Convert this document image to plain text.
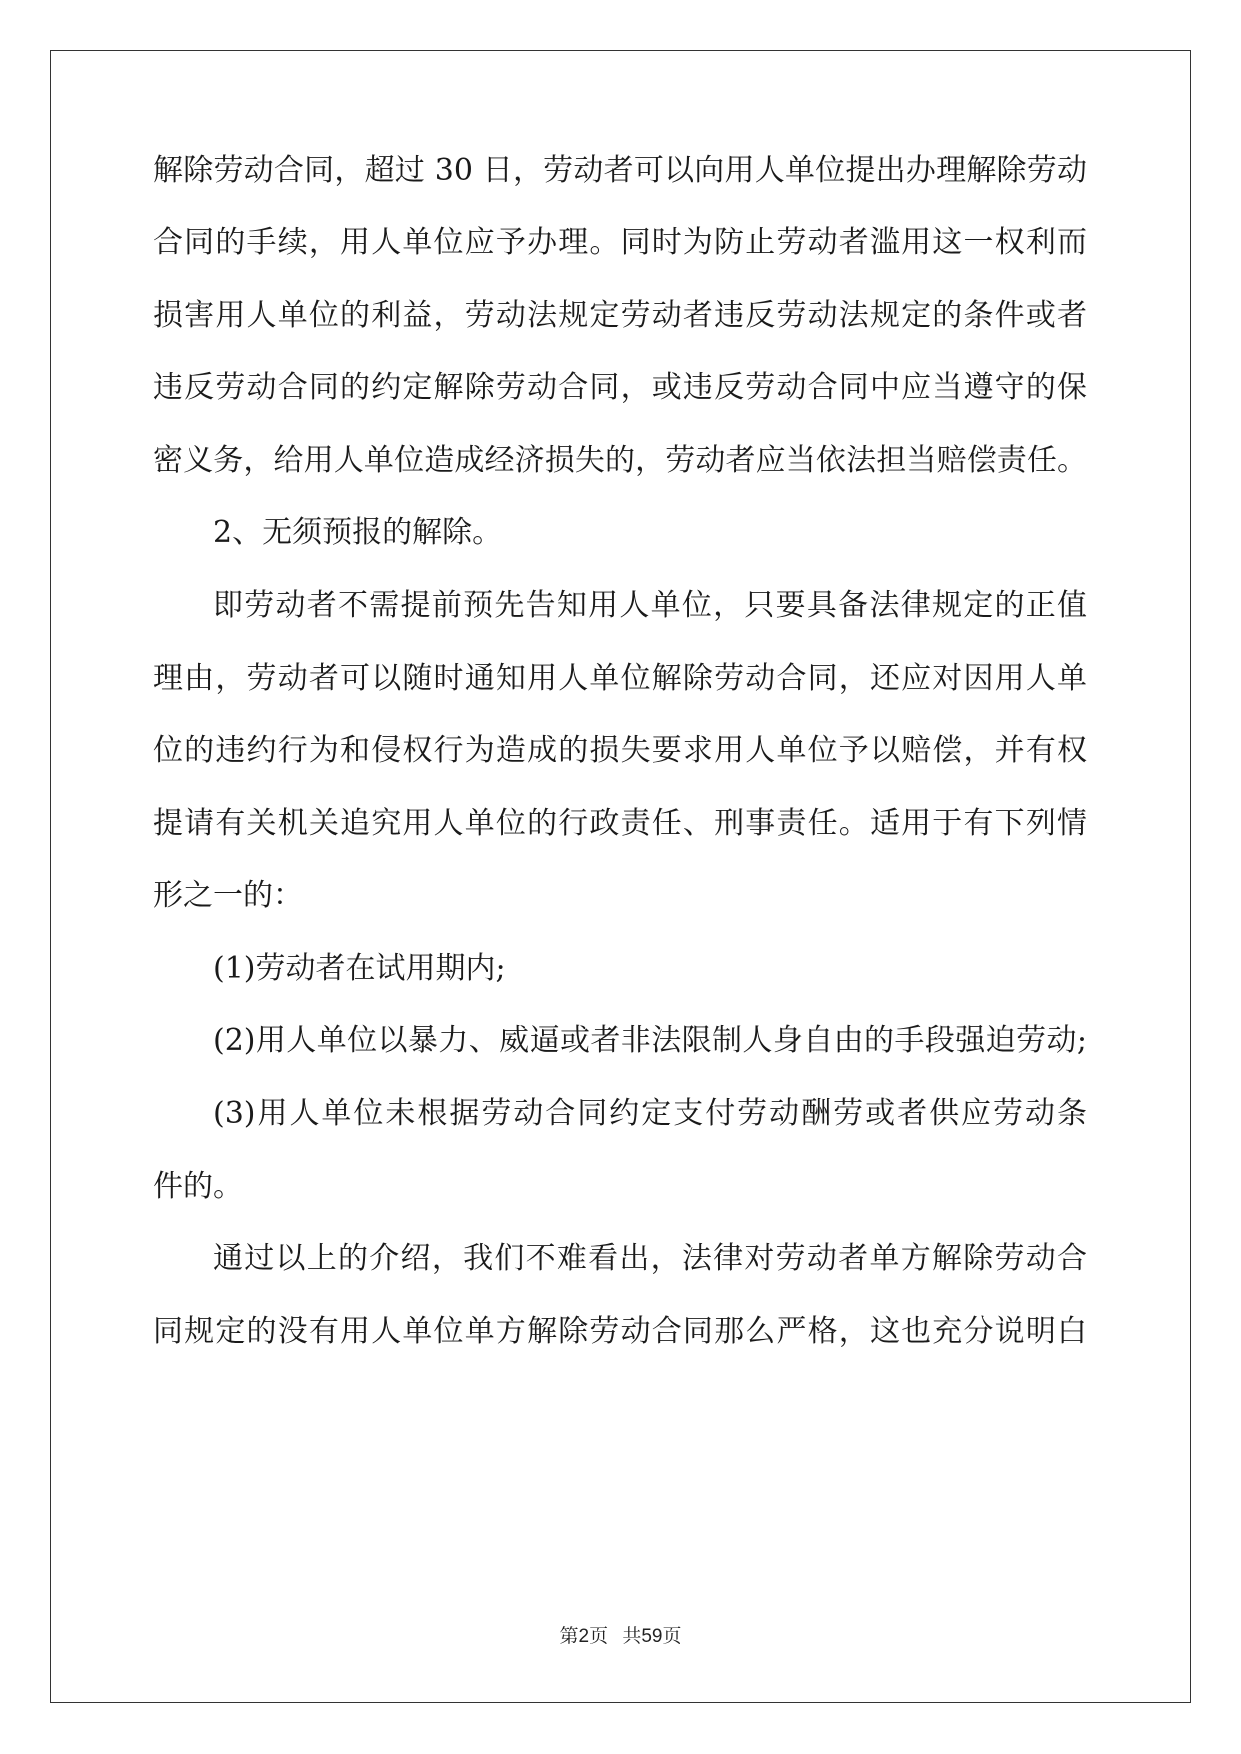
解除劳动合同，超过 30 日，劳动者可以向用人单位提出办理解除劳动
合同的手续，用人单位应予办理。同时为防止劳动者滥用这一权利而
损害用人单位的利益，劳动法规定劳动者违反劳动法规定的条件或者
违反劳动合同的约定解除劳动合同，或违反劳动合同中应当遵守的保
密义务，给用人单位造成经济损失的，劳动者应当依法担当赔偿责任。
2、无须预报的解除。
即劳动者不需提前预先告知用人单位，只要具备法律规定的正值
理由，劳动者可以随时通知用人单位解除劳动合同，还应对因用人单
位的违约行为和侵权行为造成的损失要求用人单位予以赔偿，并有权
提请有关机关追究用人单位的行政责任、刑事责任。适用于有下列情
形之一的：
(1)劳动者在试用期内;
(2)用人单位以暴力、威逼或者非法限制人身自由的手段强迫劳动;
(3)用人单位未根据劳动合同约定支付劳动酬劳或者供应劳动条
件的。
通过以上的介绍，我们不难看出，法律对劳动者单方解除劳动合
同规定的没有用人单位单方解除劳动合同那么严格，这也充分说明白
第2页 共59页
